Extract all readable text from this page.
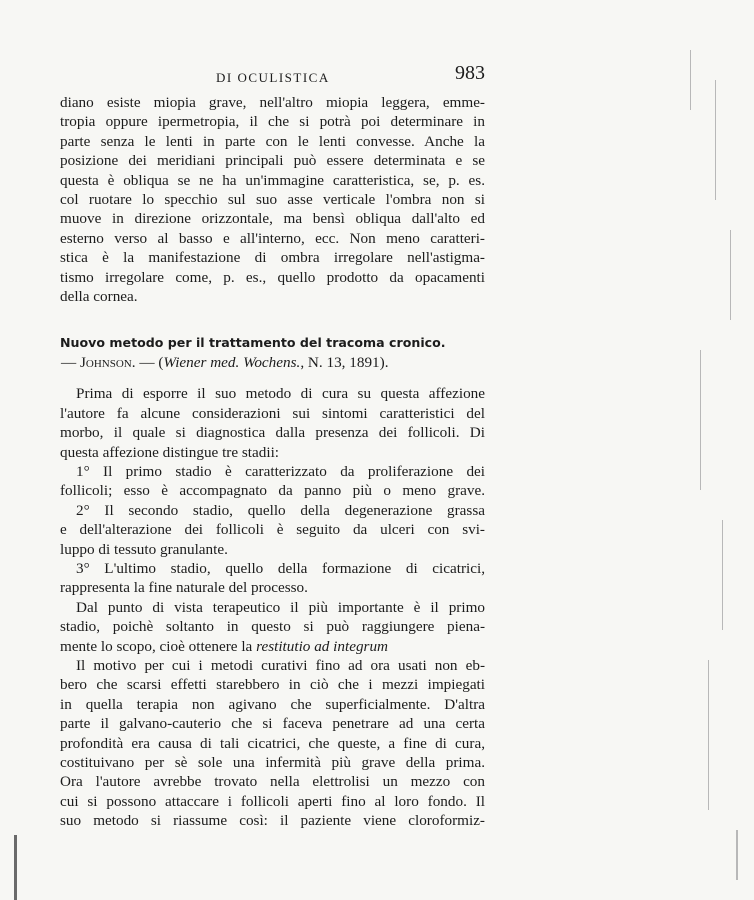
DI OCULISTICA	983
diano esiste miopia grave, nell'altro miopia leggera, emme-
tropia oppure ipermetropia, il che si potrà poi determinare in
parte senza le lenti in parte con le lenti convesse. Anche la
posizione dei meridiani principali può essere determinata e se
questa è obliqua se ne ha un'immagine caratteristica, se, p. es.
col ruotare lo specchio sul suo asse verticale l'ombra non si
muove in direzione orizzontale, ma bensì obliqua dall'alto ed
esterno verso al basso e all'interno, ecc. Non meno caratteri-
stica è la manifestazione di ombra irregolare nell'astigma-
tismo irregolare come, p. es., quello prodotto da opacamenti
della cornea.
Nuovo metodo per il trattamento del tracoma cronico.
— Johnson. — (Wiener med. Wochens., N. 13, 1891).
Prima di esporre il suo metodo di cura su questa affezione
l'autore fa alcune considerazioni sui sintomi caratteristici del
morbo, il quale si diagnostica dalla presenza dei follicoli. Di
questa affezione distingue tre stadii:
1° Il primo stadio è caratterizzato da proliferazione dei
follicoli; esso è accompagnato da panno più o meno grave.
2° Il secondo stadio, quello della degenerazione grassa
e dell'alterazione dei follicoli è seguito da ulceri con svi-
luppo di tessuto granulante.
3° L'ultimo stadio, quello della formazione di cicatrici,
rappresenta la fine naturale del processo.
Dal punto di vista terapeutico il più importante è il primo
stadio, poichè soltanto in questo si può raggiungere piena-
mente lo scopo, cioè ottenere la restitutio ad integrum
Il motivo per cui i metodi curativi fino ad ora usati non eb-
bero che scarsi effetti starebbero in ciò che i mezzi impiegati
in quella terapia non agivano che superficialmente. D'altra
parte il galvano-cauterio che si faceva penetrare ad una certa
profondità era causa di tali cicatrici, che queste, a fine di cura,
costituivano per sè sole una infermità più grave della prima.
Ora l'autore avrebbe trovato nella elettrolisi un mezzo con
cui si possono attaccare i follicoli aperti fino al loro fondo. Il
suo metodo si riassume così: il paziente viene cloroformiz-
